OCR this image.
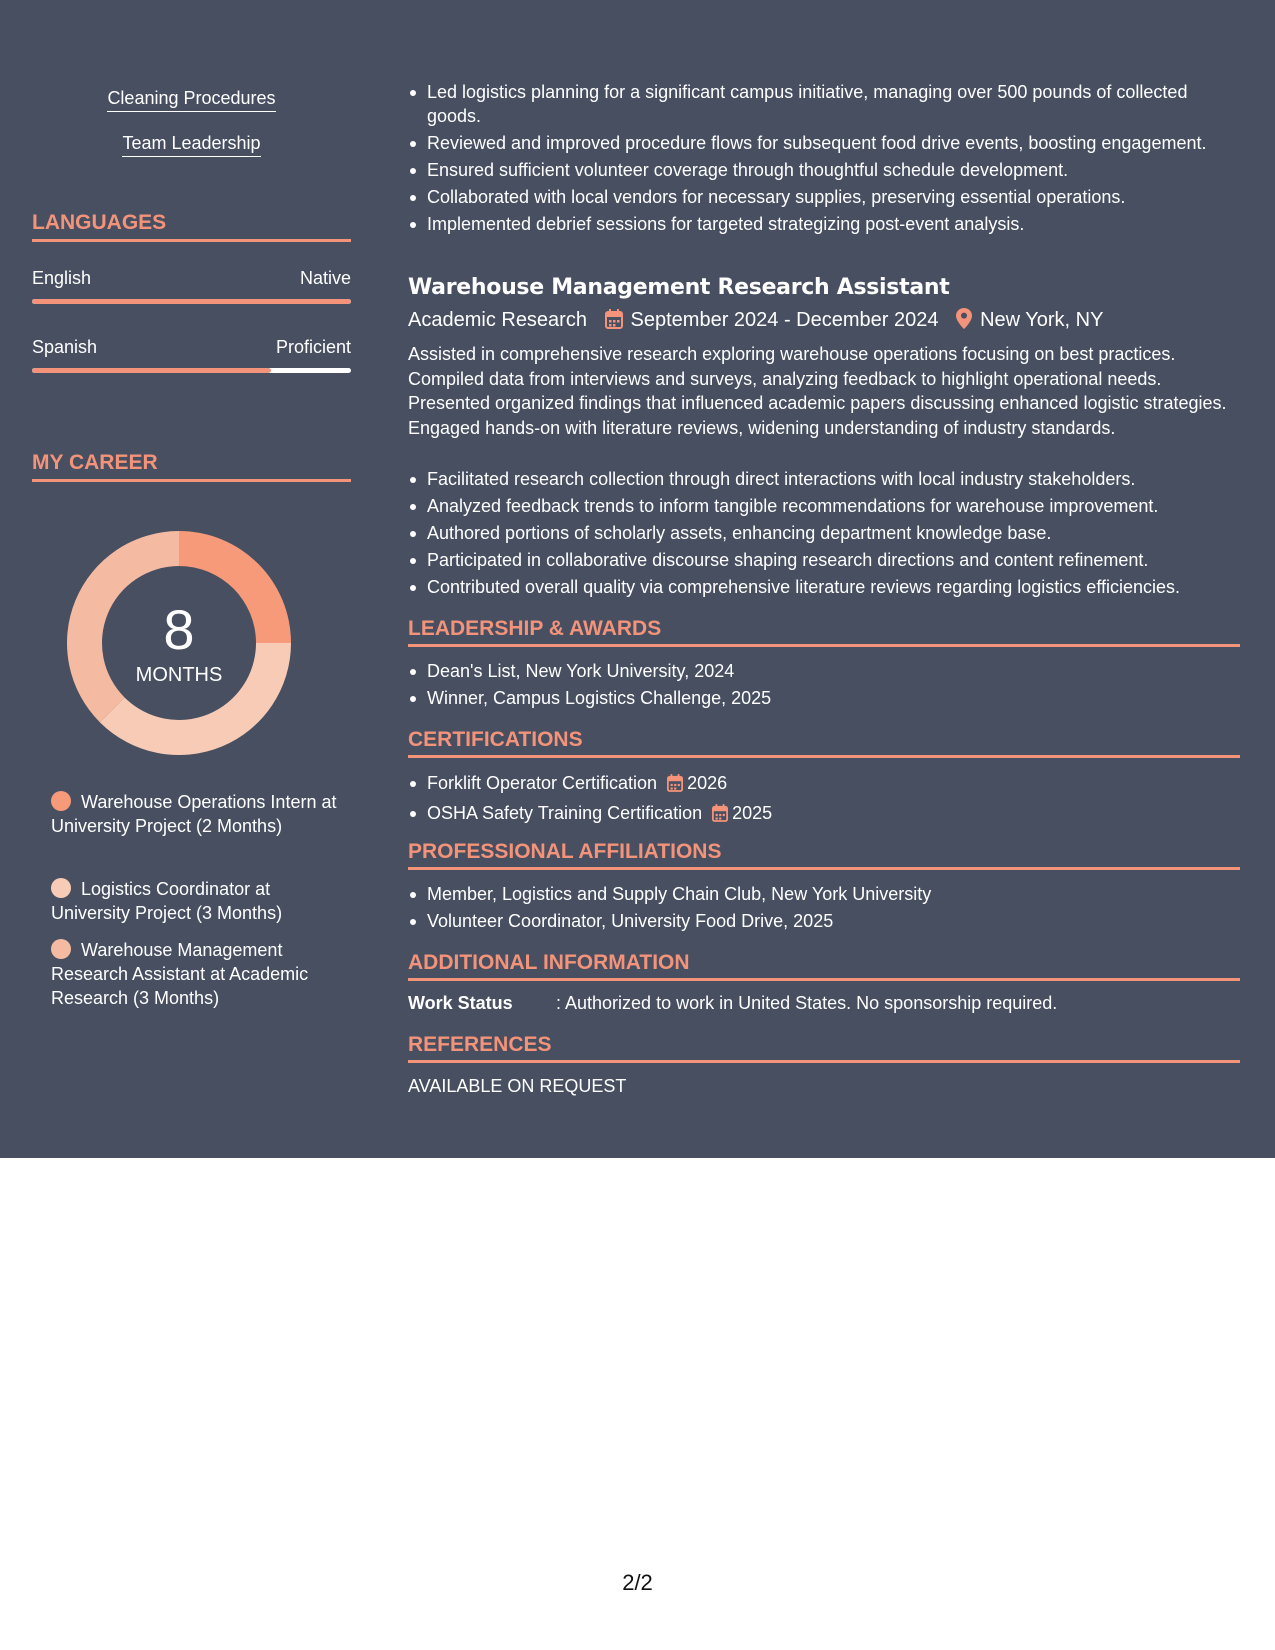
Cleaning Procedures
Team Leadership
LANGUAGES
English	Native
Spanish	Proficient
MY CAREER
8
MONTHS
Warehouse Operations Intern at University Project (2 Months)
Logistics Coordinator at University Project (3 Months)
Warehouse Management Research Assistant at Academic Research (3 Months)
Led logistics planning for a significant campus initiative, managing over 500 pounds of collected goods.
Reviewed and improved procedure flows for subsequent food drive events, boosting engagement.
Ensured sufficient volunteer coverage through thoughtful schedule development.
Collaborated with local vendors for necessary supplies, preserving essential operations.
Implemented debrief sessions for targeted strategizing post-event analysis.
Warehouse Management Research Assistant
Academic Research September 2024 - December 2024 New York, NY
Assisted in comprehensive research exploring warehouse operations focusing on best practices. Compiled data from interviews and surveys, analyzing feedback to highlight operational needs. Presented organized findings that influenced academic papers discussing enhanced logistic strategies. Engaged hands-on with literature reviews, widening understanding of industry standards.
Facilitated research collection through direct interactions with local industry stakeholders.
Analyzed feedback trends to inform tangible recommendations for warehouse improvement.
Authored portions of scholarly assets, enhancing department knowledge base.
Participated in collaborative discourse shaping research directions and content refinement.
Contributed overall quality via comprehensive literature reviews regarding logistics efficiencies.
LEADERSHIP & AWARDS
Dean's List, New York University, 2024
Winner, Campus Logistics Challenge, 2025
CERTIFICATIONS
Forklift Operator Certification 2026
OSHA Safety Training Certification 2025
PROFESSIONAL AFFILIATIONS
Member, Logistics and Supply Chain Club, New York University
Volunteer Coordinator, University Food Drive, 2025
ADDITIONAL INFORMATION
Work Status : Authorized to work in United States. No sponsorship required.
REFERENCES
AVAILABLE ON REQUEST
2/2
